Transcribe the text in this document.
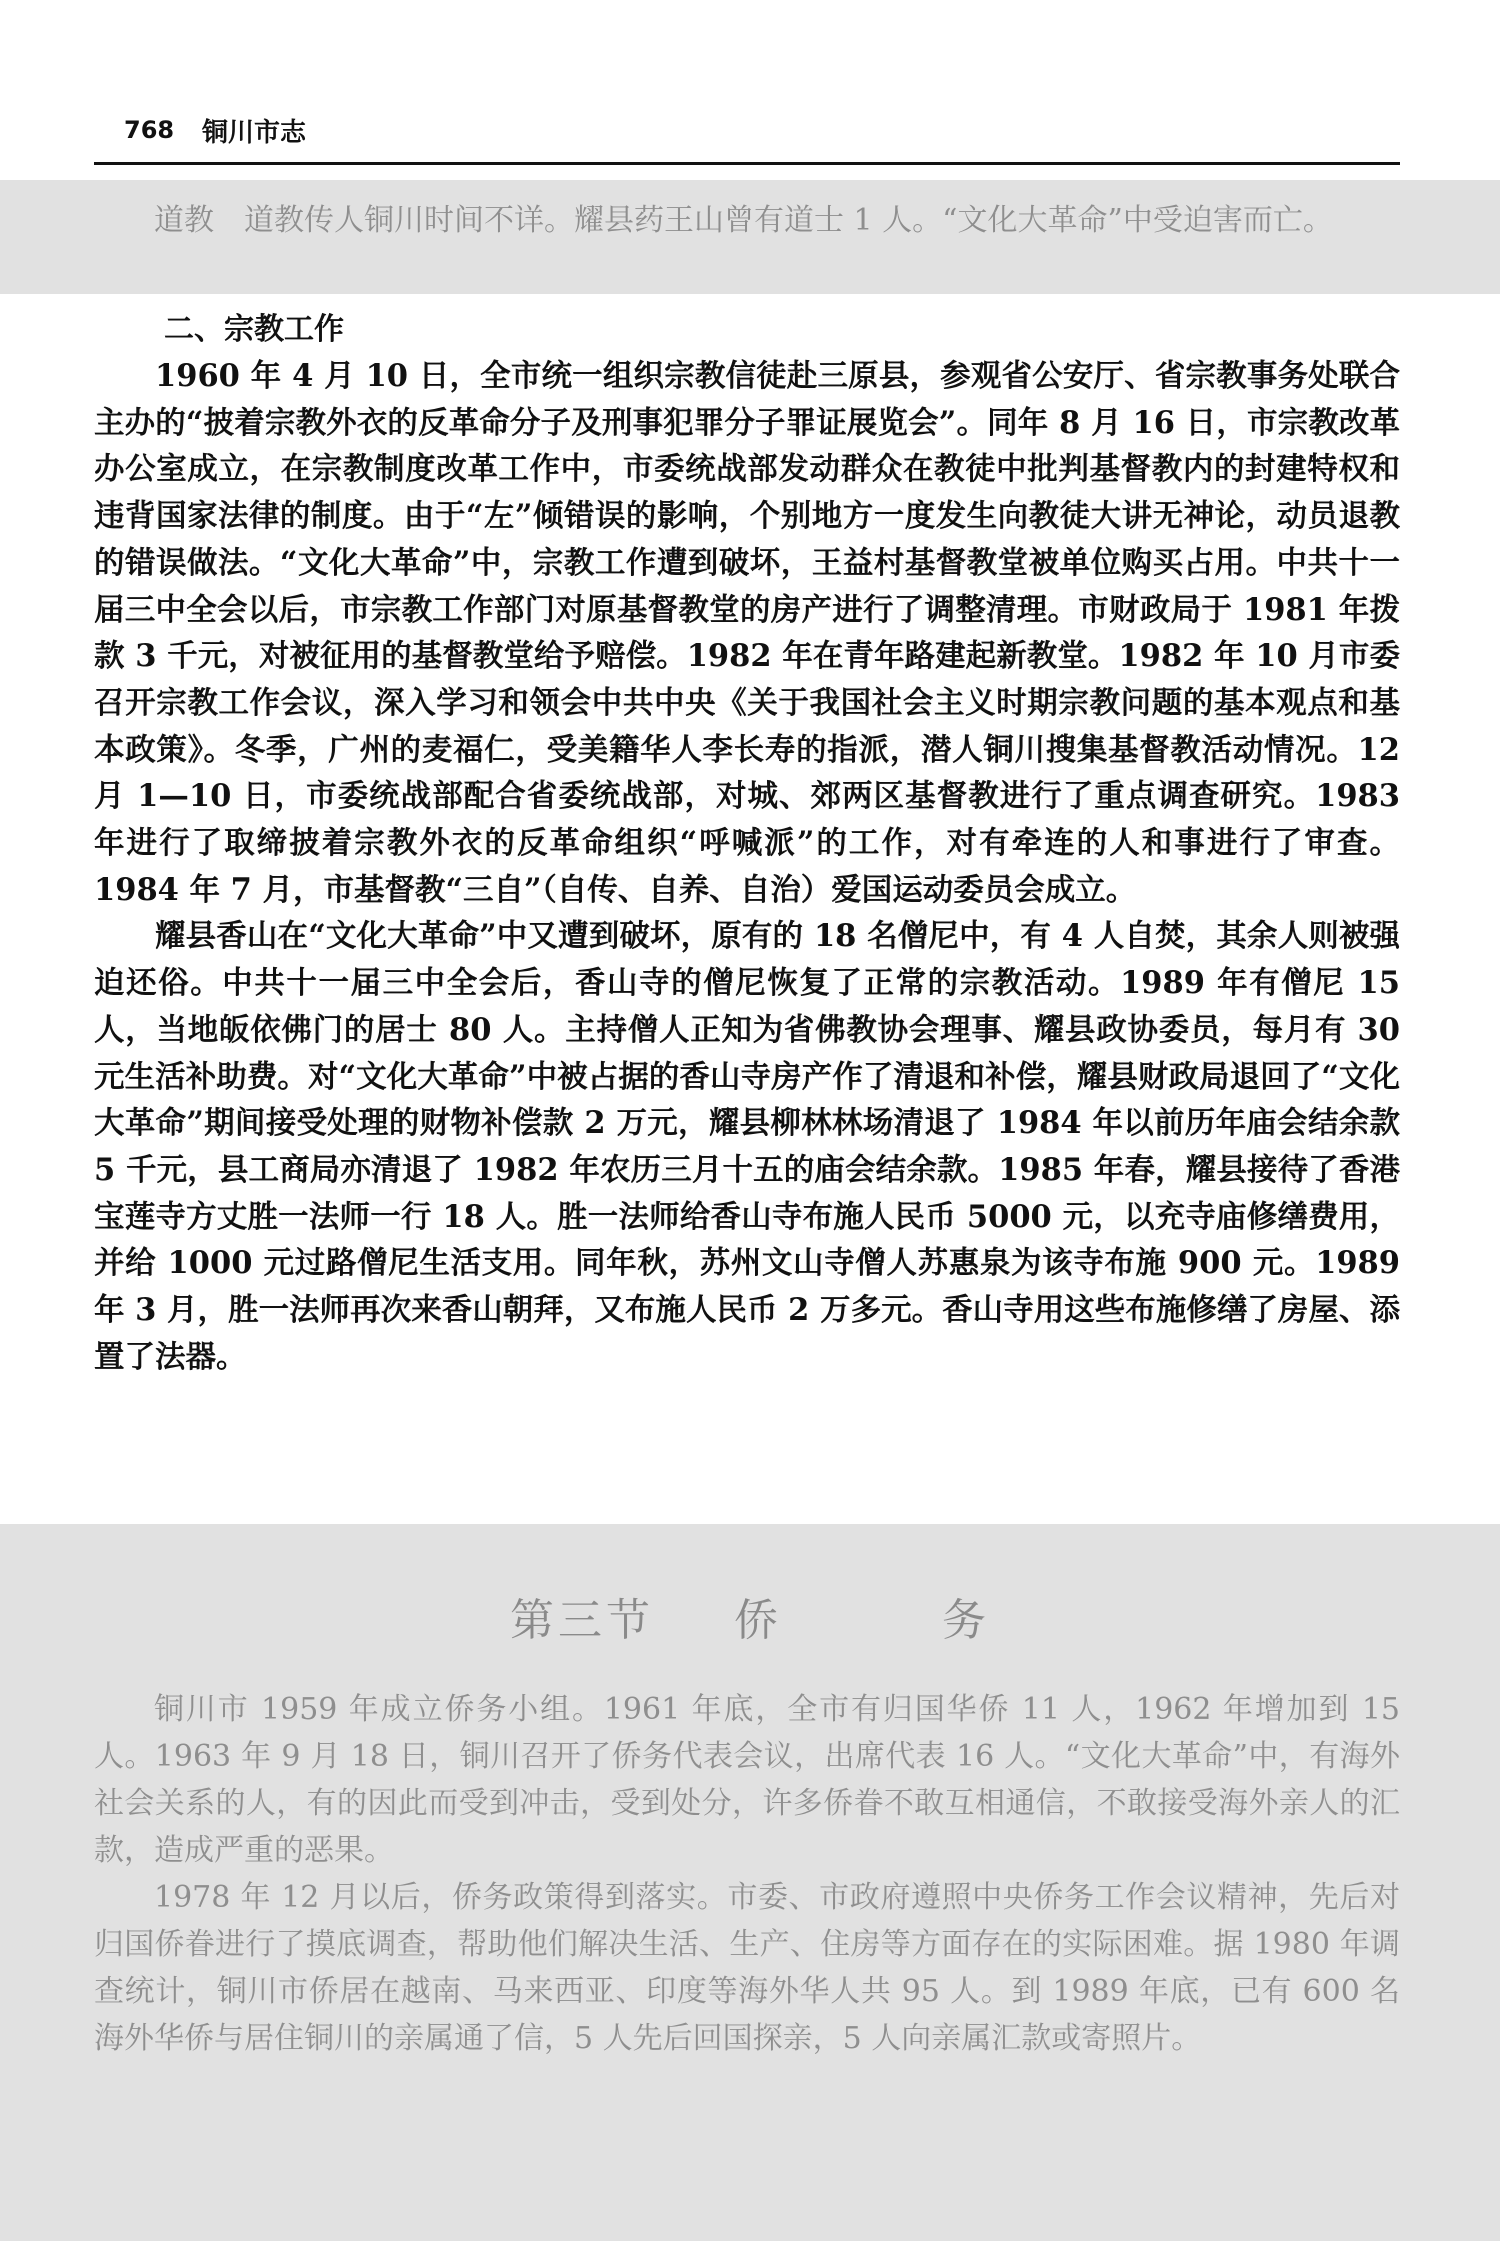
768 铜川市志

道教 道教传人铜川时间不详。耀县药王山曾有道士 1 人。“文化大革命”中受迫害而亡。

二、宗教工作

1960 年 4 月 10 日，全市统一组织宗教信徒赴三原县，参观省公安厅、省宗教事务处联合主办的“披着宗教外衣的反革命分子及刑事犯罪分子罪证展览会”。同年 8 月 16 日，市宗教改革办公室成立，在宗教制度改革工作中，市委统战部发动群众在教徒中批判基督教内的封建特权和违背国家法律的制度。由于“左”倾错误的影响，个别地方一度发生向教徒大讲无神论，动员退教的错误做法。“文化大革命”中，宗教工作遭到破坏，王益村基督教堂被单位购买占用。中共十一届三中全会以后，市宗教工作部门对原基督教堂的房产进行了调整清理。市财政局于 1981 年拨款 3 千元，对被征用的基督教堂给予赔偿。1982 年在青年路建起新教堂。1982 年 10 月市委召开宗教工作会议，深入学习和领会中共中央《关于我国社会主义时期宗教问题的基本观点和基本政策》。冬季，广州的麦福仁，受美籍华人李长寿的指派，潜人铜川搜集基督教活动情况。12 月 1—10 日，市委统战部配合省委统战部，对城、郊两区基督教进行了重点调查研究。1983 年进行了取缔披着宗教外衣的反革命组织“呼喊派”的工作，对有牵连的人和事进行了审查。1984 年 7 月，市基督教“三自”（自传、自养、自治）爱国运动委员会成立。

耀县香山在“文化大革命”中又遭到破坏，原有的 18 名僧尼中，有 4 人自焚，其余人则被强迫还俗。中共十一届三中全会后，香山寺的僧尼恢复了正常的宗教活动。1989 年有僧尼 15 人，当地皈依佛门的居士 80 人。主持僧人正知为省佛教协会理事、耀县政协委员，每月有 30 元生活补助费。对“文化大革命”中被占据的香山寺房产作了清退和补偿，耀县财政局退回了“文化大革命”期间接受处理的财物补偿款 2 万元，耀县柳林林场清退了 1984 年以前历年庙会结余款 5 千元，县工商局亦清退了 1982 年农历三月十五的庙会结余款。1985 年春，耀县接待了香港宝莲寺方丈胜一法师一行 18 人。胜一法师给香山寺布施人民币 5000 元，以充寺庙修缮费用，并给 1000 元过路僧尼生活支用。同年秋，苏州文山寺僧人苏惠泉为该寺布施 900 元。1989 年 3 月，胜一法师再次来香山朝拜，又布施人民币 2 万多元。香山寺用这些布施修缮了房屋、添置了法器。

第三节 侨	务

铜川市 1959 年成立侨务小组。1961 年底，全市有归国华侨 11 人，1962 年增加到 15 人。1963 年 9 月 18 日，铜川召开了侨务代表会议，出席代表 16 人。“文化大革命”中，有海外社会关系的人，有的因此而受到冲击，受到处分，许多侨眷不敢互相通信，不敢接受海外亲人的汇款，造成严重的恶果。

1978 年 12 月以后，侨务政策得到落实。市委、市政府遵照中央侨务工作会议精神，先后对归国侨眷进行了摸底调查，帮助他们解决生活、生产、住房等方面存在的实际困难。据 1980 年调查统计，铜川市侨居在越南、马来西亚、印度等海外华人共 95 人。到 1989 年底，已有 600 名海外华侨与居住铜川的亲属通了信，5 人先后回国探亲，5 人向亲属汇款或寄照片。
